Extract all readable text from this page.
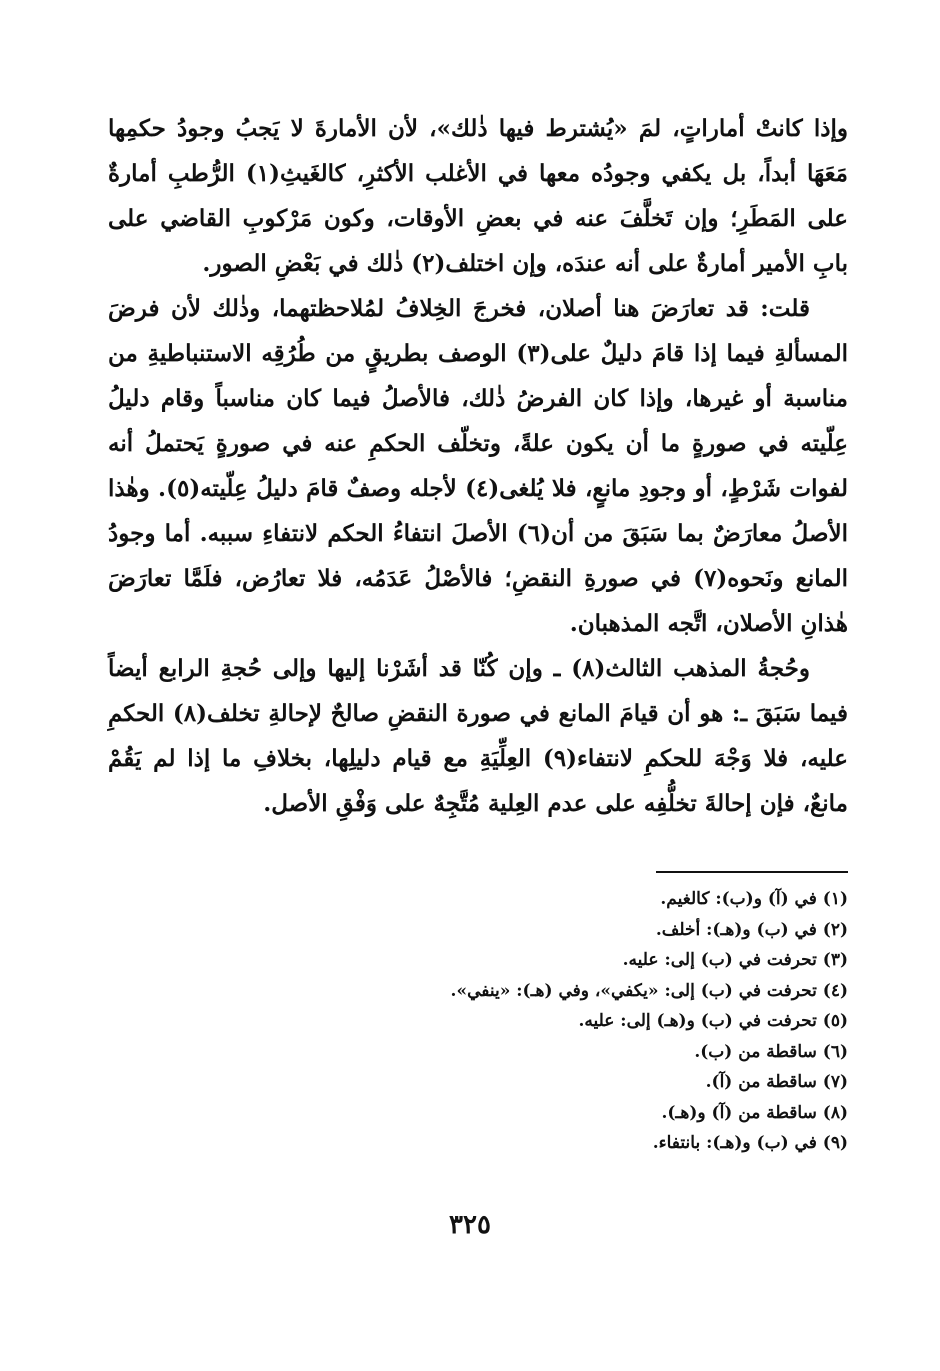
وإذا كانتْ أماراتٍ، لمَ «يُشترط فيها ذٰلك»، لأن الأمارةَ لا يَجبُ وجودُ حكمِها مَعَهَا أبداً، بل يكفي وجودُه معها في الأغلب الأكثرِ، كالغَيثِ(١) الرُّطبِ أمارةٌ على المَطَرِ؛ وإن تَخلَّفَ عنه في بعضِ الأوقات، وكون مَرْكوبِ القاضي على بابِ الأمير أمارةٌ على أنه عندَه، وإن اختلف(٢) ذٰلك في بَعْضِ الصور.

قلت: قد تعارَضَ هنا أصلان، فخرجَ الخِلافُ لمُلاحظتهما، وذٰلك لأن فرضَ المسألةِ فيما إذا قامَ دليلٌ على(٣) الوصف بطريقٍ من طُرُقِه الاستنباطيةِ من مناسبة أو غيرها، وإذا كان الفرضُ ذٰلك، فالأصلُ فيما كان مناسباً وقام دليلُ عِلّيته في صورةٍ ما أن يكون علةً، وتخلّف الحكمِ عنه في صورةٍ يَحتملُ أنه لفوات شَرْطٍ، أو وجودِ مانعٍ، فلا يُلغى(٤) لأجله وصفٌ قامَ دليلُ عِلّيته(٥). وهٰذا الأصلُ معارَضٌ بما سَبَقَ من أن(٦) الأصلَ انتفاءُ الحكم لانتفاءِ سببه. أما وجودُ المانع ونَحوه(٧) في صورةِ النقضِ؛ فالأصْلُ عَدَمُه، فلا تعارُض، فلَمَّا تعارَضَ هٰذانِ الأصلان، اتَّجه المذهبان.

وحُجةُ المذهب الثالث(٨) ـ وإن كُنّا قد أشَرْنا إليها وإلى حُجةِ الرابع أيضاً فيما سَبَقَ ـ: هو أن قيامَ المانع في صورة النقضِ صالحٌ لإحالةِ تخلف(٨) الحكمِ عليه، فلا وَجْهَ للحكمِ لانتفاء(٩) العِلِّيَةِ مع قيام دليلِها، بخلافِ ما إذا لم يَقُمْ مانعٌ، فإن إحالةَ تخلُّفِه على عدم العِلية مُتَّجِهٌ على وَفْقِ الأصل.

(١) في (آ) و(ب): كالغيم.
(٢) في (ب) و(هـ): أخلف.
(٣) تحرفت في (ب) إلى: عليه.
(٤) تحرفت في (ب) إلى: «يكفي»، وفي (هـ): «ينفي».
(٥) تحرفت في (ب) و(هـ) إلى: عليه.
(٦) ساقطة من (ب).
(٧) ساقطة من (آ).
(٨) ساقطة من (آ) و(هـ).
(٩) في (ب) و(هـ): بانتفاء.
٣٢٥
